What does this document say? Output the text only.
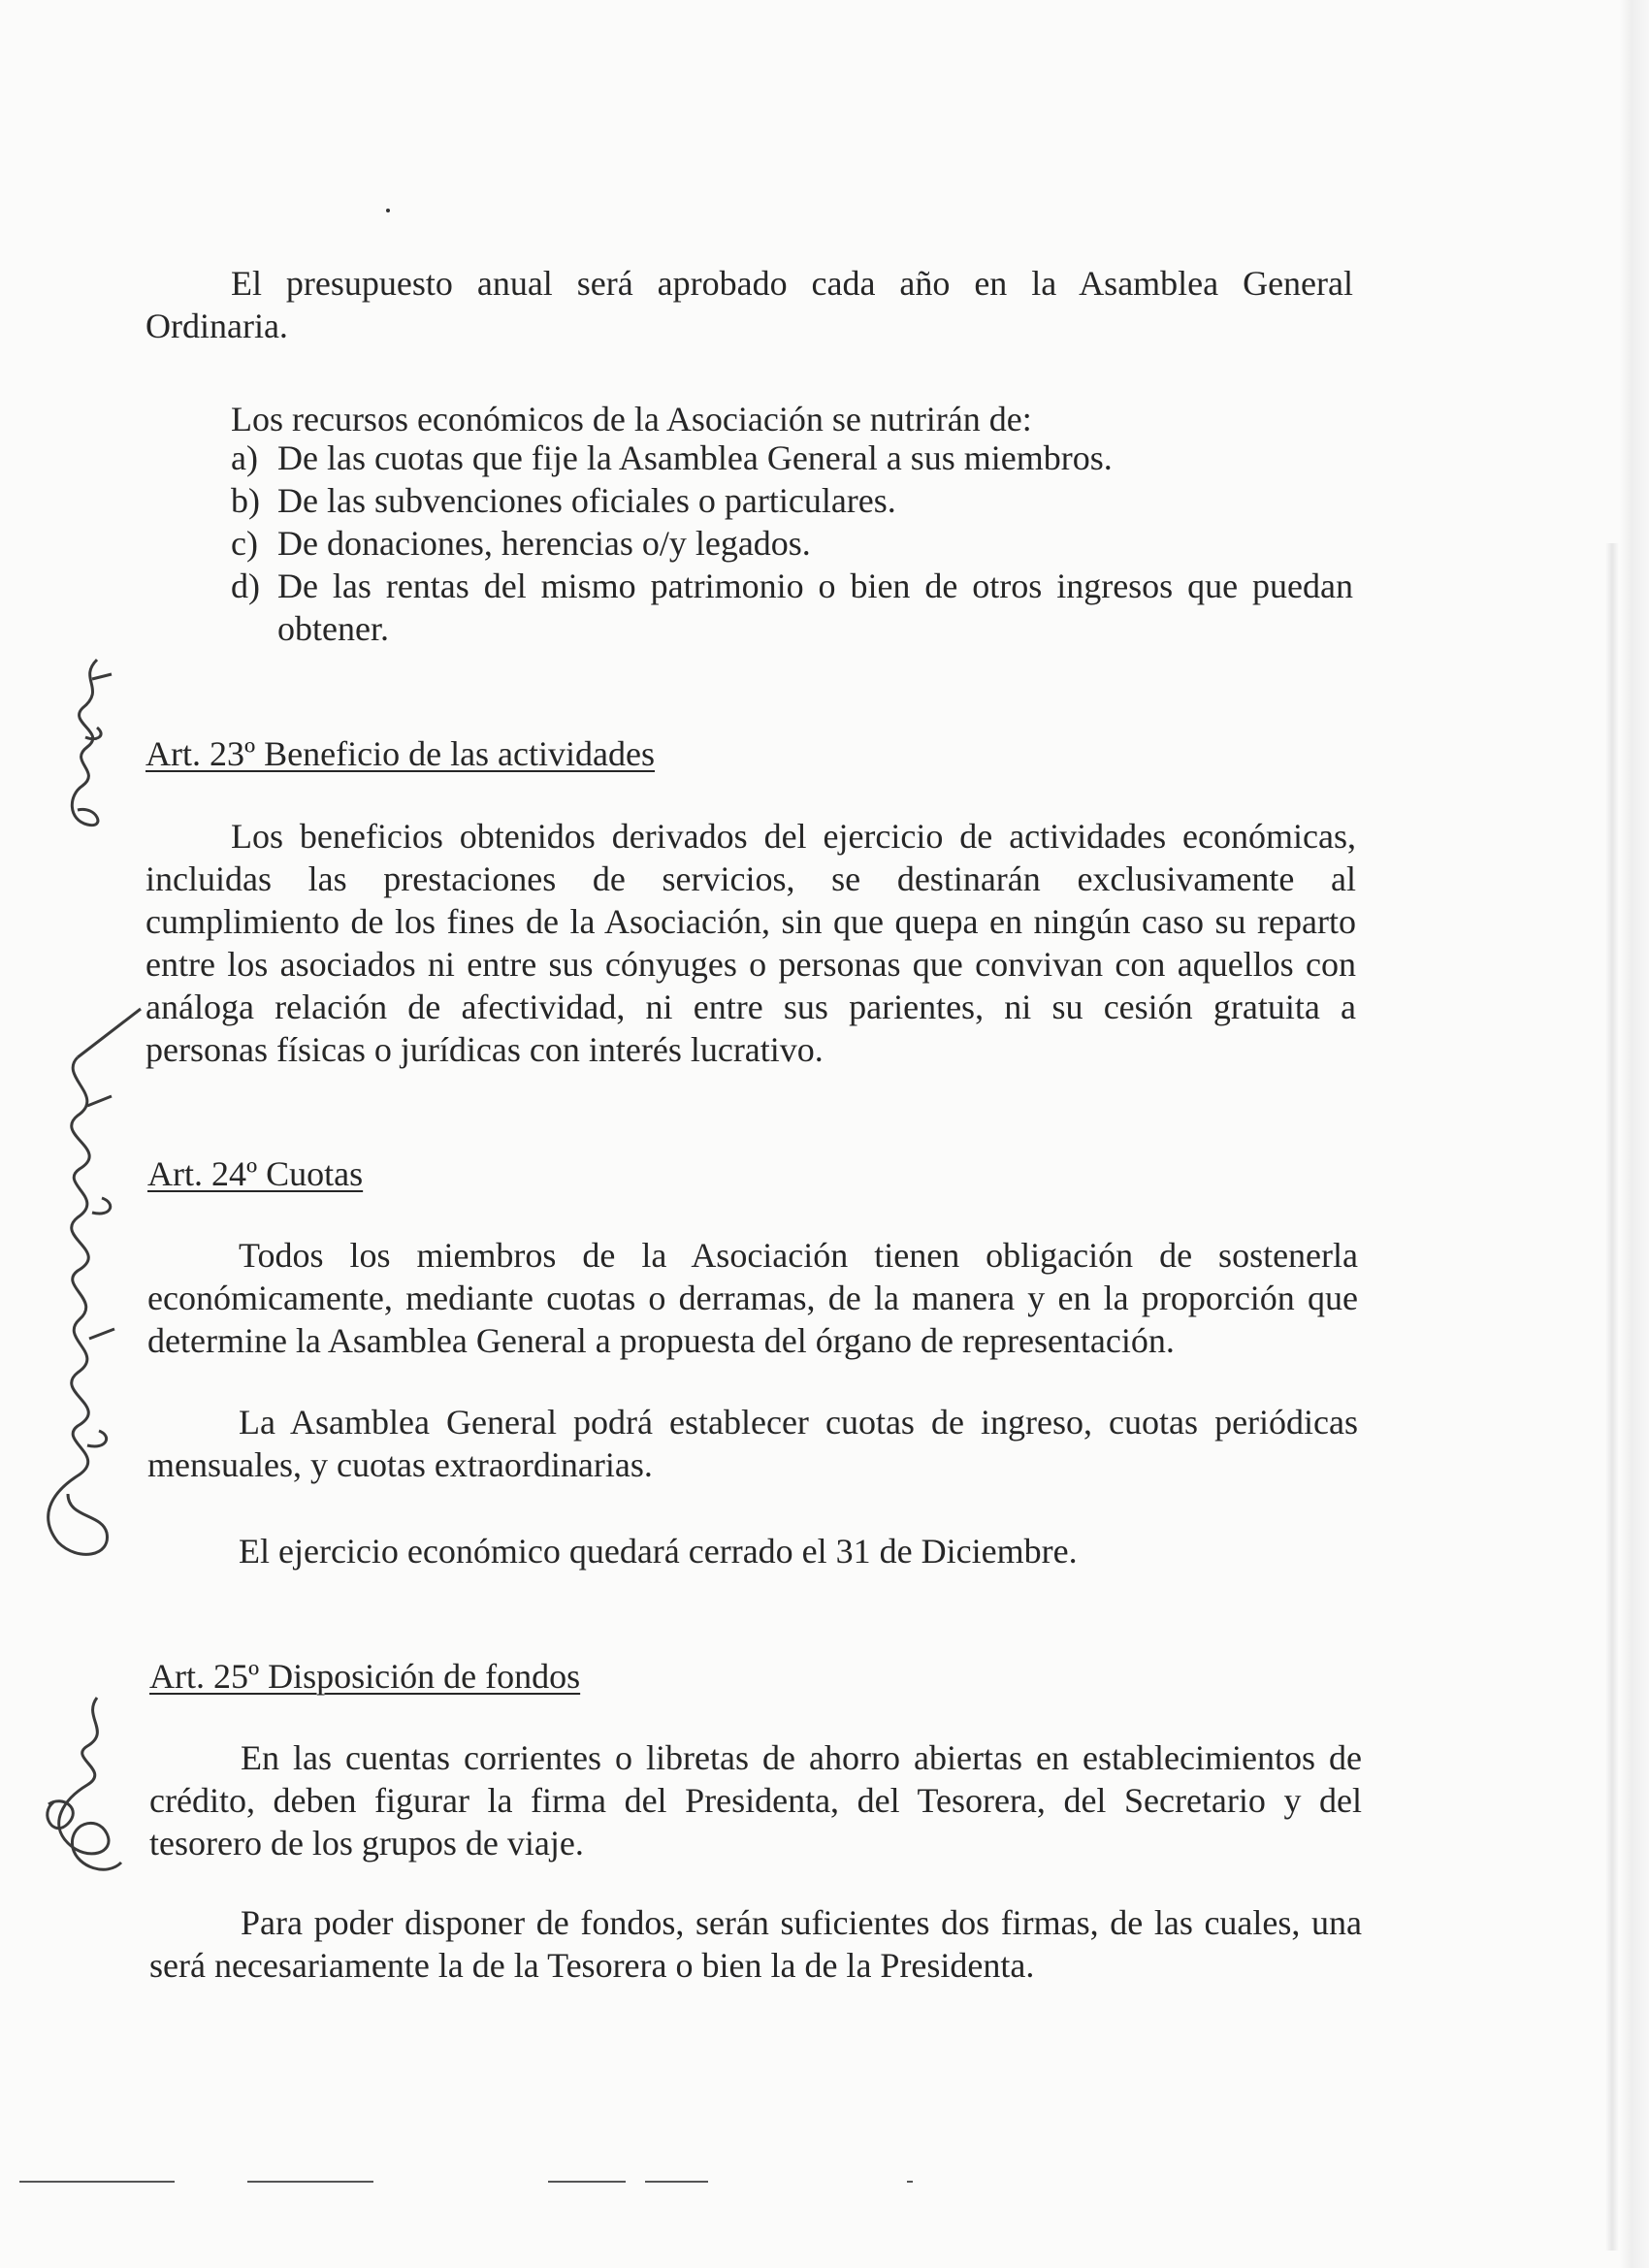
El presupuesto anual será aprobado cada año en la Asamblea General
Ordinaria.
Los recursos económicos de la Asociación se nutrirán de:
a) De las cuotas que fije la Asamblea General a sus miembros.
b) De las subvenciones oficiales o particulares.
c) De donaciones, herencias o/y legados.
d) De las rentas del mismo patrimonio o bien de otros ingresos que puedan
obtener.
Art. 23º Beneficio de las actividades
Los beneficios obtenidos derivados del ejercicio de actividades económicas,
incluidas las prestaciones de servicios, se destinarán exclusivamente al
cumplimiento de los fines de la Asociación, sin que quepa en ningún caso su reparto
entre los asociados ni entre sus cónyuges o personas que convivan con aquellos con
análoga relación de afectividad, ni entre sus parientes, ni su cesión gratuita a
personas físicas o jurídicas con interés lucrativo.
Art. 24º Cuotas
Todos los miembros de la Asociación tienen obligación de sostenerla
económicamente, mediante cuotas o derramas, de la manera y en la proporción que
determine la Asamblea General a propuesta del órgano de representación.
La Asamblea General podrá establecer cuotas de ingreso, cuotas periódicas
mensuales, y cuotas extraordinarias.
El ejercicio económico quedará cerrado el 31 de Diciembre.
Art. 25º Disposición de fondos
En las cuentas corrientes o libretas de ahorro abiertas en establecimientos de
crédito, deben figurar la firma del Presidenta, del Tesorera, del Secretario y del
tesorero de los grupos de viaje.
Para poder disponer de fondos, serán suficientes dos firmas, de las cuales, una
será necesariamente la de la Tesorera o bien la de la Presidenta.
